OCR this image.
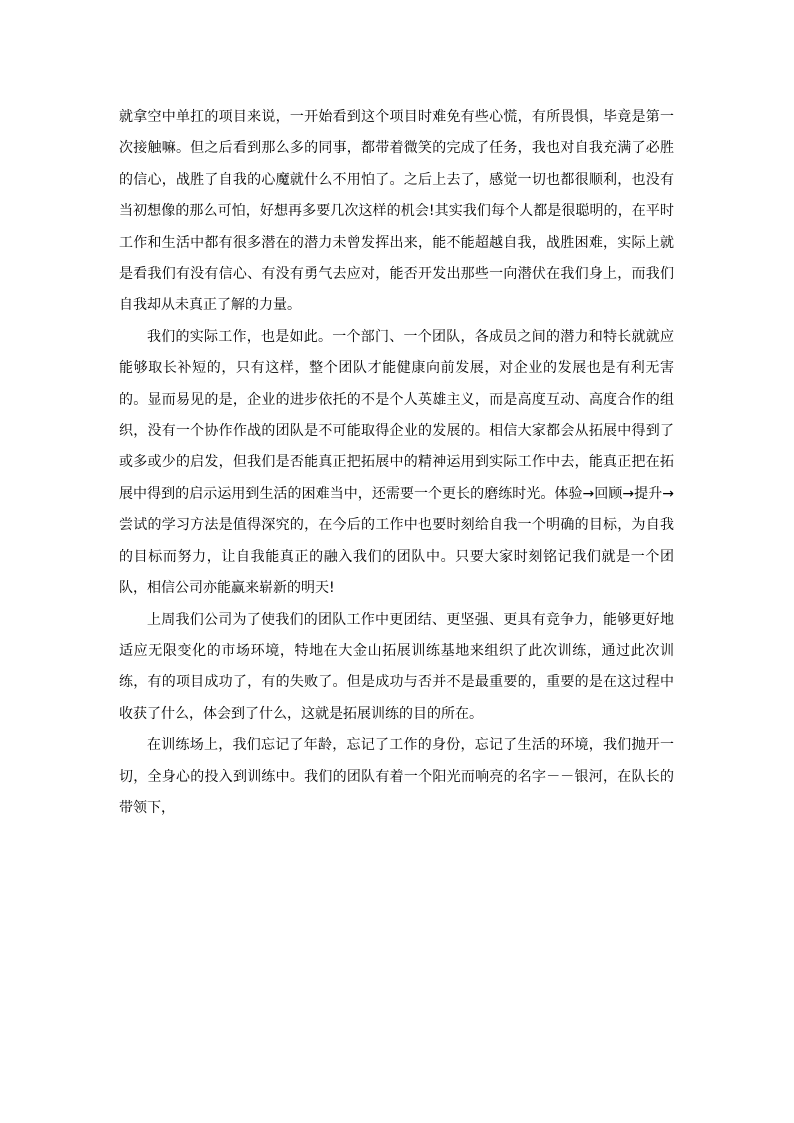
就拿空中单扛的项目来说，一开始看到这个项目时难免有些心慌，有所畏惧，毕竟是第一次接触嘛。但之后看到那么多的同事，都带着微笑的完成了任务，我也对自我充满了必胜的信心，战胜了自我的心魔就什么不用怕了。之后上去了，感觉一切也都很顺利，也没有当初想像的那么可怕，好想再多要几次这样的机会!其实我们每个人都是很聪明的，在平时工作和生活中都有很多潜在的潜力未曾发挥出来，能不能超越自我，战胜困难，实际上就是看我们有没有信心、有没有勇气去应对，能否开发出那些一向潜伏在我们身上，而我们自我却从未真正了解的力量。

我们的实际工作，也是如此。一个部门、一个团队，各成员之间的潜力和特长就就应能够取长补短的，只有这样，整个团队才能健康向前发展，对企业的发展也是有利无害的。显而易见的是，企业的进步依托的不是个人英雄主义，而是高度互动、高度合作的组织，没有一个协作作战的团队是不可能取得企业的发展的。相信大家都会从拓展中得到了或多或少的启发，但我们是否能真正把拓展中的精神运用到实际工作中去，能真正把在拓展中得到的启示运用到生活的困难当中，还需要一个更长的磨练时光。体验→回顾→提升→尝试的学习方法是值得深究的，在今后的工作中也要时刻给自我一个明确的目标，为自我的目标而努力，让自我能真正的融入我们的团队中。只要大家时刻铭记我们就是一个团队，相信公司亦能赢来崭新的明天!

上周我们公司为了使我们的团队工作中更团结、更坚强、更具有竞争力，能够更好地适应无限变化的市场环境，特地在大金山拓展训练基地来组织了此次训练，通过此次训练，有的项目成功了，有的失败了。但是成功与否并不是最重要的，重要的是在这过程中收获了什么，体会到了什么，这就是拓展训练的目的所在。

在训练场上，我们忘记了年龄，忘记了工作的身份，忘记了生活的环境，我们抛开一切，全身心的投入到训练中。我们的团队有着一个阳光而响亮的名字－－银河，在队长的带领下，
